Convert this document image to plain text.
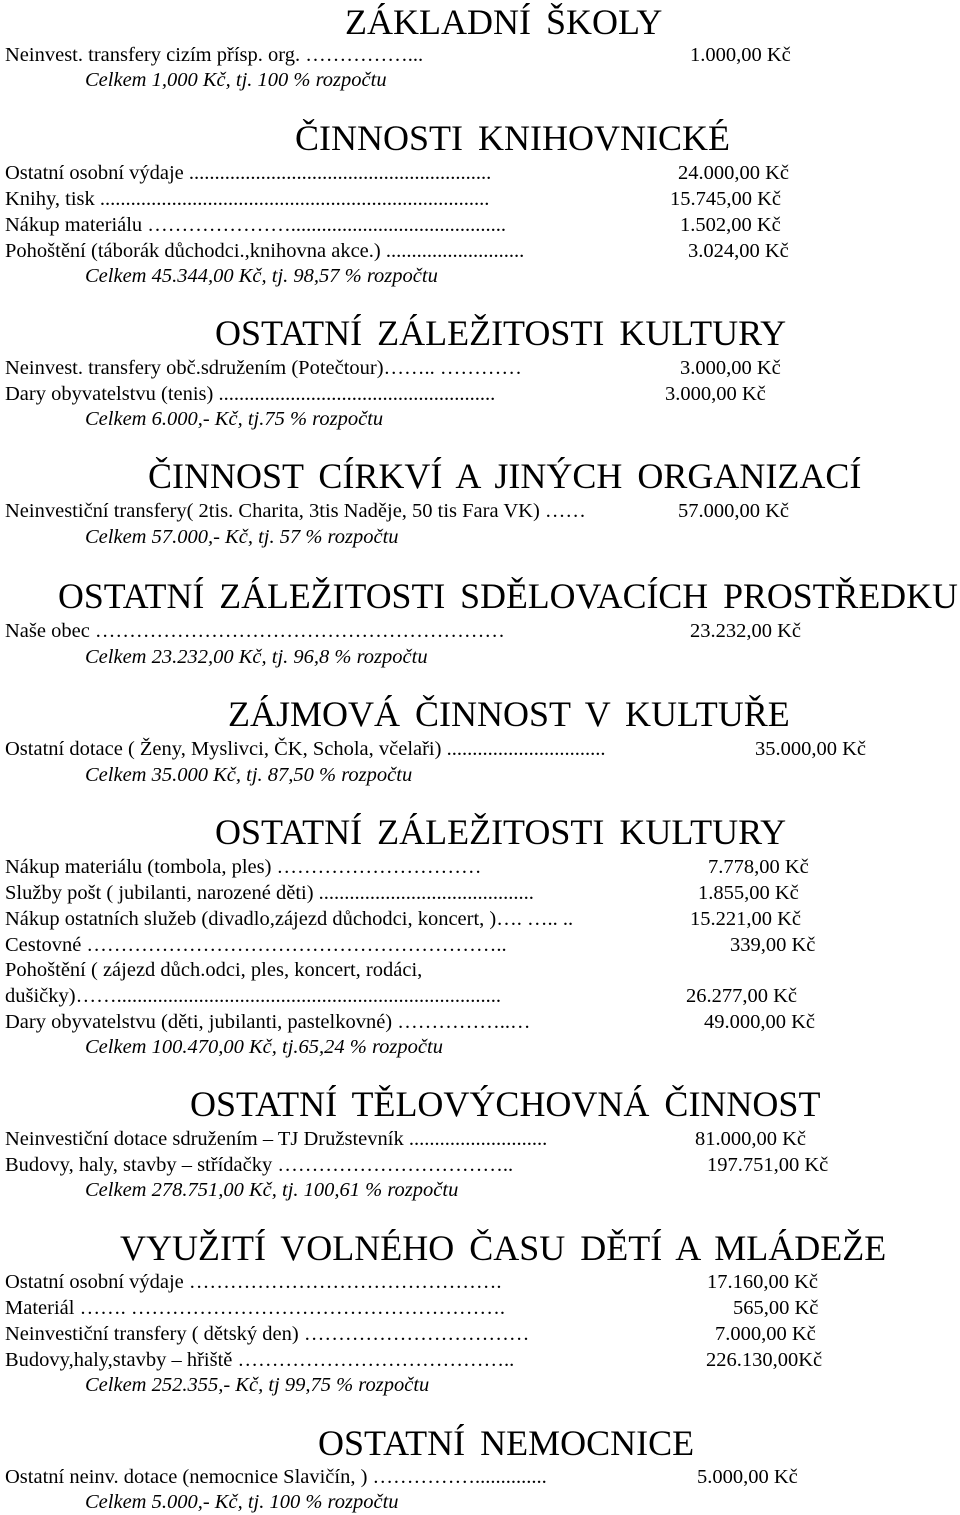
ZÁKLADNÍ ŠKOLY
Neinvest. transfery cizím přísp. org. ……………...	1.000,00 Kč
Celkem 1,000 Kč, tj. 100 % rozpočtu
ČINNOSTI KNIHOVNICKÉ
Ostatní osobní výdaje ...........................................................	24.000,00 Kč
Knihy, tisk ............................................................................	15.745,00 Kč
Nákup materiálu …………………..........................................	1.502,00 Kč
Pohoštění (táborák důchodci.,knihovna akce.) ...........................	3.024,00 Kč
Celkem 45.344,00 Kč, tj. 98,57 % rozpočtu
OSTATNÍ ZÁLEŽITOSTI KULTURY
Neinvest. transfery obč.sdružením (Potečtour)…….. …………	3.000,00 Kč
Dary obyvatelstvu (tenis) ......................................................	3.000,00 Kč
Celkem 6.000,- Kč, tj.75 % rozpočtu
ČINNOST CÍRKVÍ A JINÝCH ORGANIZACÍ
Neinvestiční transfery( 2tis. Charita, 3tis Naděje, 50 tis Fara VK) ……	57.000,00 Kč
Celkem 57.000,- Kč, tj. 57 % rozpočtu
OSTATNÍ ZÁLEŽITOSTI SDĚLOVACÍCH PROSTŘEDKU
Naše obec ……………………………………………………	23.232,00 Kč
Celkem 23.232,00 Kč, tj. 96,8 % rozpočtu
ZÁJMOVÁ ČINNOST V KULTUŘE
Ostatní dotace ( Ženy, Myslivci, ČK, Schola, včelaři) ...............................	35.000,00 Kč
Celkem 35.000 Kč, tj. 87,50 % rozpočtu
OSTATNÍ ZÁLEŽITOSTI KULTURY
Nákup materiálu (tombola, ples) …………………………	7.778,00 Kč
Služby pošt ( jubilanti, narozené děti) ..........................................	1.855,00 Kč
Nákup ostatních služeb (divadlo,zájezd důchodci, koncert, )…. ….. ..	15.221,00 Kč
Cestovné ……………………………………………………..	339,00 Kč
Pohoštění ( zájezd důch.odci, ples, koncert, rodáci,
dušičky)……...........................................................................	26.277,00 Kč
Dary obyvatelstvu (děti, jubilanti, pastelkovné) ……………..…	49.000,00 Kč
Celkem 100.470,00 Kč, tj.65,24 % rozpočtu
OSTATNÍ TĚLOVÝCHOVNÁ ČINNOST
Neinvestiční dotace sdružením – TJ Družstevník ...........................	81.000,00 Kč
Budovy, haly, stavby – střídačky ……………………………..	197.751,00 Kč
Celkem 278.751,00 Kč, tj. 100,61 % rozpočtu
VYUŽITÍ VOLNÉHO ČASU DĚTÍ A MLÁDEŽE
Ostatní osobní výdaje ……………………………………….	17.160,00 Kč
Materiál ……. ……………………………………………….	565,00 Kč
Neinvestiční transfery ( dětský den) ……………………………	7.000,00 Kč
Budovy,haly,stavby – hřiště …………………………………..	226.130,00Kč
Celkem 252.355,- Kč, tj 99,75 % rozpočtu
OSTATNÍ NEMOCNICE
Ostatní neinv. dotace (nemocnice Slavičín, ) ……………..............	5.000,00 Kč
Celkem 5.000,- Kč, tj. 100 % rozpočtu
